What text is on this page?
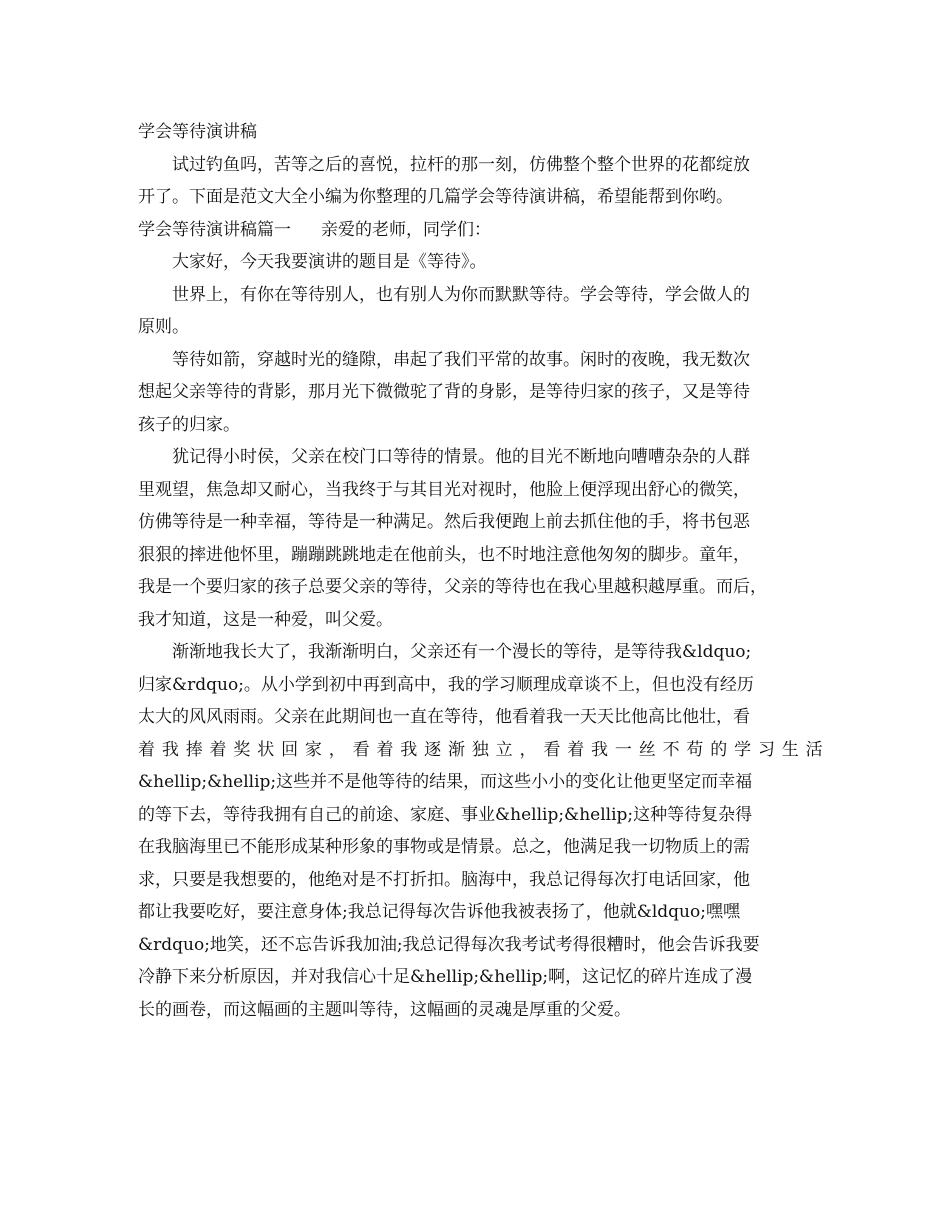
学会等待演讲稿
试过钓鱼吗，苦等之后的喜悦，拉杆的那一刻，仿佛整个整个世界的花都绽放
开了。下面是范文大全小编为你整理的几篇学会等待演讲稿，希望能帮到你哟。
学会等待演讲稿篇一 亲爱的老师，同学们：
大家好，今天我要演讲的题目是《等待》。
世界上，有你在等待别人，也有别人为你而默默等待。学会等待，学会做人的
原则。
等待如箭，穿越时光的缝隙，串起了我们平常的故事。闲时的夜晚，我无数次
想起父亲等待的背影，那月光下微微驼了背的身影，是等待归家的孩子，又是等待
孩子的归家。
犹记得小时侯，父亲在校门口等待的情景。他的目光不断地向嘈嘈杂杂的人群
里观望，焦急却又耐心，当我终于与其目光对视时，他脸上便浮现出舒心的微笑，
仿佛等待是一种幸福，等待是一种满足。然后我便跑上前去抓住他的手，将书包恶
狠狠的摔进他怀里，蹦蹦跳跳地走在他前头，也不时地注意他匆匆的脚步。童年，
我是一个要归家的孩子总要父亲的等待，父亲的等待也在我心里越积越厚重。而后，
我才知道，这是一种爱，叫父爱。
渐渐地我长大了，我渐渐明白，父亲还有一个漫长的等待，是等待我&ldquo;
归家&rdquo;。从小学到初中再到高中，我的学习顺理成章谈不上，但也没有经历
太大的风风雨雨。父亲在此期间也一直在等待，他看着我一天天比他高比他壮，看
着 我 捧 着 奖 状 回 家 ， 看 着 我 逐 渐 独 立 ， 看 着 我 一 丝 不 苟 的 学 习 生 活
&hellip;&hellip;这些并不是他等待的结果，而这些小小的变化让他更坚定而幸福
的等下去，等待我拥有自己的前途、家庭、事业&hellip;&hellip;这种等待复杂得
在我脑海里已不能形成某种形象的事物或是情景。总之，他满足我一切物质上的需
求，只要是我想要的，他绝对是不打折扣。脑海中，我总记得每次打电话回家，他
都让我要吃好，要注意身体;我总记得每次告诉他我被表扬了，他就&ldquo;嘿嘿
&rdquo;地笑，还不忘告诉我加油;我总记得每次我考试考得很糟时，他会告诉我要
冷静下来分析原因，并对我信心十足&hellip;&hellip;啊，这记忆的碎片连成了漫
长的画卷，而这幅画的主题叫等待，这幅画的灵魂是厚重的父爱。
